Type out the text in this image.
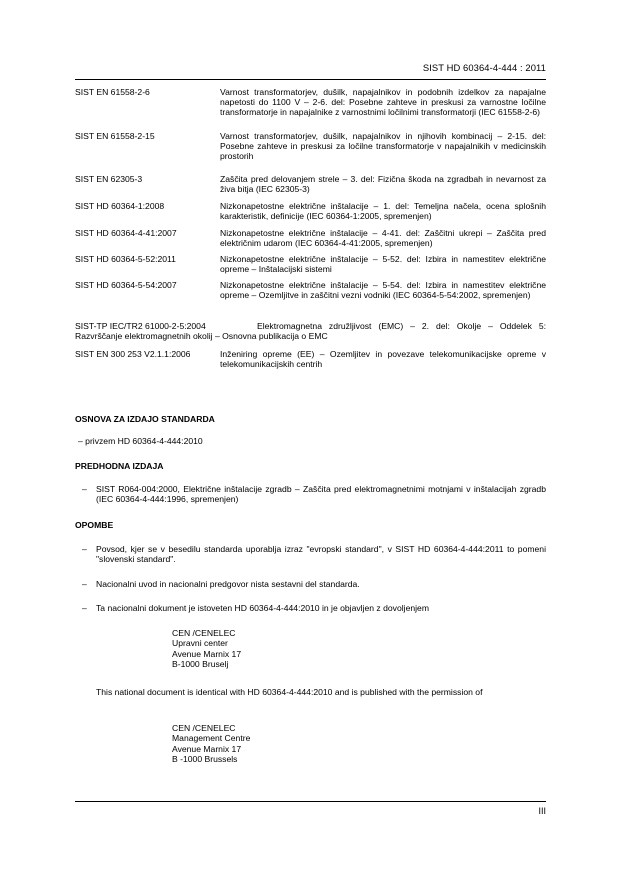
SIST HD 60364-4-444 : 2011
SIST EN 61558-2-6	Varnost transformatorjev, dušilk, napajalnikov in podobnih izdelkov za napajalne napetosti do 1100 V – 2-6. del: Posebne zahteve in preskusi za varnostne ločilne transformatorje in napajalnike z varnostnimi ločilnimi transformatorji (IEC 61558-2-6)
SIST EN 61558-2-15	Varnost transformatorjev, dušilk, napajalnikov in njihovih kombinacij – 2-15. del: Posebne zahteve in preskusi za ločilne transformatorje v napajalnikih v medicinskih prostorih
SIST EN 62305-3	Zaščita pred delovanjem strele – 3. del: Fizična škoda na zgradbah in nevarnost za živa bitja (IEC 62305-3)
SIST HD 60364-1:2008	Nizkonapetostne električne inštalacije – 1. del: Temeljna načela, ocena splošnih karakteristik, definicije (IEC 60364-1:2005, spremenjen)
SIST HD 60364-4-41:2007	Nizkonapetostne električne inštalacije – 4-41. del: Zaščitni ukrepi – Zaščita pred električnim udarom (IEC 60364-4-41:2005, spremenjen)
SIST HD 60364-5-52:2011	Nizkonapetostne električne inštalacije – 5-52. del: Izbira in namestitev električne opreme – Inštalacijski sistemi
SIST HD 60364-5-54:2007	Nizkonapetostne električne inštalacije – 5-54. del: Izbira in namestitev električne opreme – Ozemljitve in zaščitni vezni vodniki (IEC 60364-5-54:2002, spremenjen)
SIST-TP IEC/TR2 61000-2-5:2004	Elektromagnetna združljivost (EMC) – 2. del: Okolje – Oddelek 5: Razvrščanje elektromagnetnih okolij – Osnovna publikacija o EMC
SIST EN 300 253 V2.1.1:2006	Inženiring opreme (EE) – Ozemljitev in povezave telekomunikacijske opreme v telekomunikacijskih centrih
OSNOVA ZA IZDAJO STANDARDA
– privzem HD 60364-4-444:2010
PREDHODNA IZDAJA
– SIST R064-004:2000, Električne inštalacije zgradb – Zaščita pred elektromagnetnimi motnjami v inštalacijah zgradb (IEC 60364-4-444:1996, spremenjen)
OPOMBE
– Povsod, kjer se v besedilu standarda uporablja izraz "evropski standard", v SIST HD 60364-4-444:2011 to pomeni "slovenski standard".
– Nacionalni uvod in nacionalni predgovor nista sestavni del standarda.
– Ta nacionalni dokument je istoveten HD 60364-4-444:2010 in je objavljen z dovoljenjem
CEN /CENELEC
Upravni center
Avenue Marnix 17
B-1000 Bruselj
This national document is identical with HD 60364-4-444:2010 and is published with the permission of
CEN /CENELEC
Management Centre
Avenue Marnix 17
B -1000 Brussels
III
